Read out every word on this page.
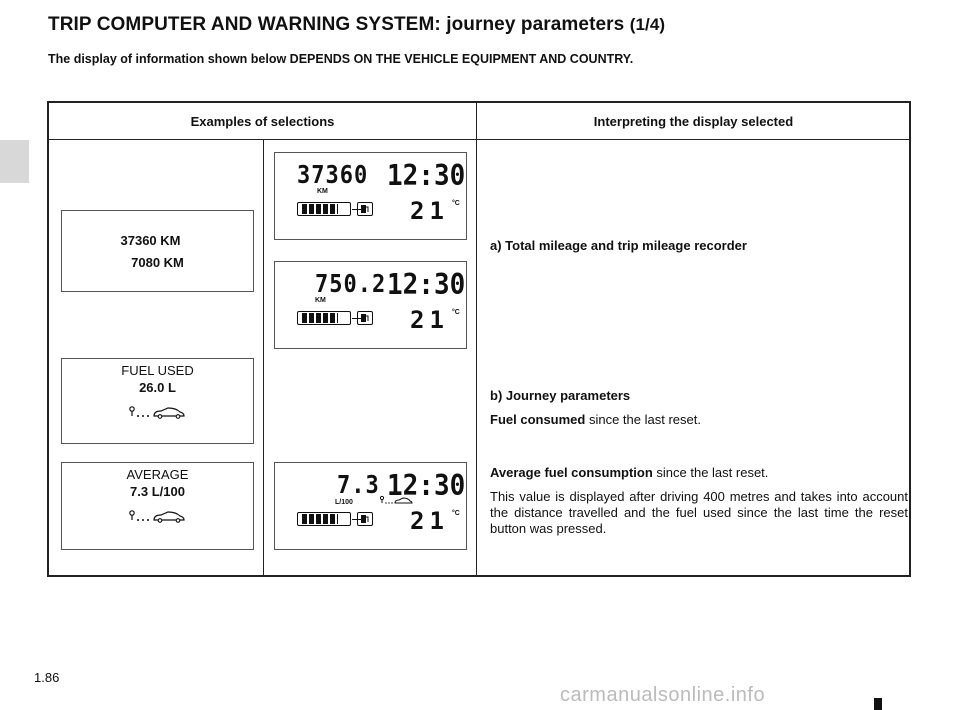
TRIP COMPUTER AND WARNING SYSTEM: journey parameters (1/4)
The display of information shown below DEPENDS ON THE VEHICLE EQUIPMENT AND COUNTRY.
Examples of selections	Interpreting the display selected
37360 KM
7080 KM
FUEL USED
26.0 L
AVERAGE
7.3 L/100
37360
KM 12:30
21 °C
750.2
KM 12:30
21 °C
7.3
L/100 12:30
21 °C
a) Total mileage and trip mileage recorder
b) Journey parameters
Fuel consumed since the last reset.
Average fuel consumption since the last reset.
This value is displayed after driving 400 metres and takes into account the distance travelled and the fuel used since the last time the reset button was pressed.
1.86
carmanualsonline.info
